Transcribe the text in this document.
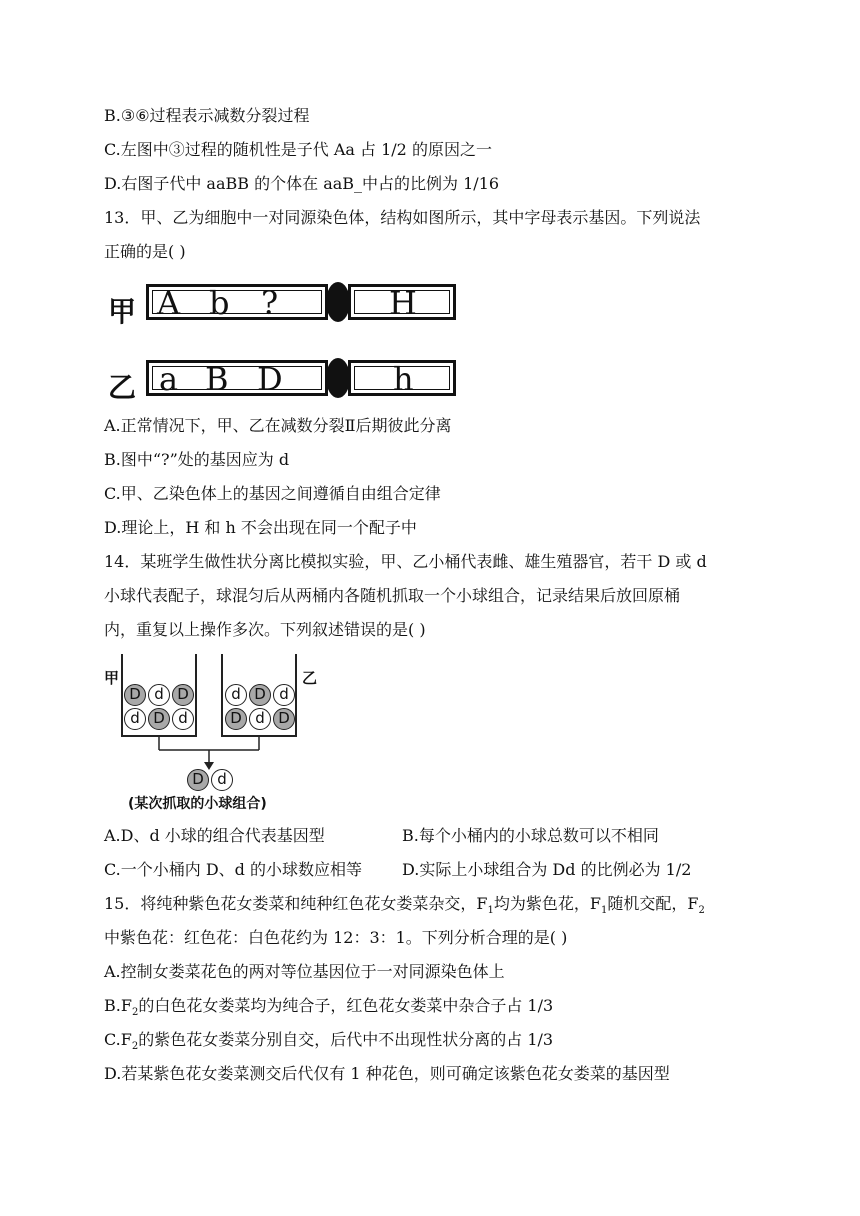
B.③⑥过程表示减数分裂过程
C.左图中③过程的随机性是子代 Aa 占 1/2 的原因之一
D.右图子代中 aaBB 的个体在 aaB_中占的比例为 1/16
13．甲、乙为细胞中一对同源染色体，结构如图所示，其中字母表示基因。下列说法
正确的是( )
甲 A b ?	H
乙 a B D	h
A.正常情况下，甲、乙在减数分裂Ⅱ后期彼此分离
B.图中“?”处的基因应为 d
C.甲、乙染色体上的基因之间遵循自由组合定律
D.理论上，H 和 h 不会出现在同一个配子中
14．某班学生做性状分离比模拟实验，甲、乙小桶代表雌、雄生殖器官，若干 D 或 d
小球代表配子，球混匀后从两桶内各随机抓取一个小球组合，记录结果后放回原桶
内，重复以上操作多次。下列叙述错误的是( )
甲	乙
D d D
d D d
d D d
D d D
D d
(某次抓取的小球组合)
A.D、d 小球的组合代表基因型	B.每个小桶内的小球总数可以不相同
C.一个小桶内 D、d 的小球数应相等 D.实际上小球组合为 Dd 的比例必为 1/2
15．将纯种紫色花女娄菜和纯种红色花女娄菜杂交，$F_1$均为紫色花，$F_1$随机交配，$F_2$
中紫色花：红色花：白色花约为 12：3：1。下列分析合理的是( )
A.控制女娄菜花色的两对等位基因位于一对同源染色体上
$B.F_2$的白色花女娄菜均为纯合子，红色花女娄菜中杂合子占 1/3
$C.F_2$的紫色花女娄菜分别自交，后代中不出现性状分离的占 1/3
D.若某紫色花女娄菜测交后代仅有 1 种花色，则可确定该紫色花女娄菜的基因型
